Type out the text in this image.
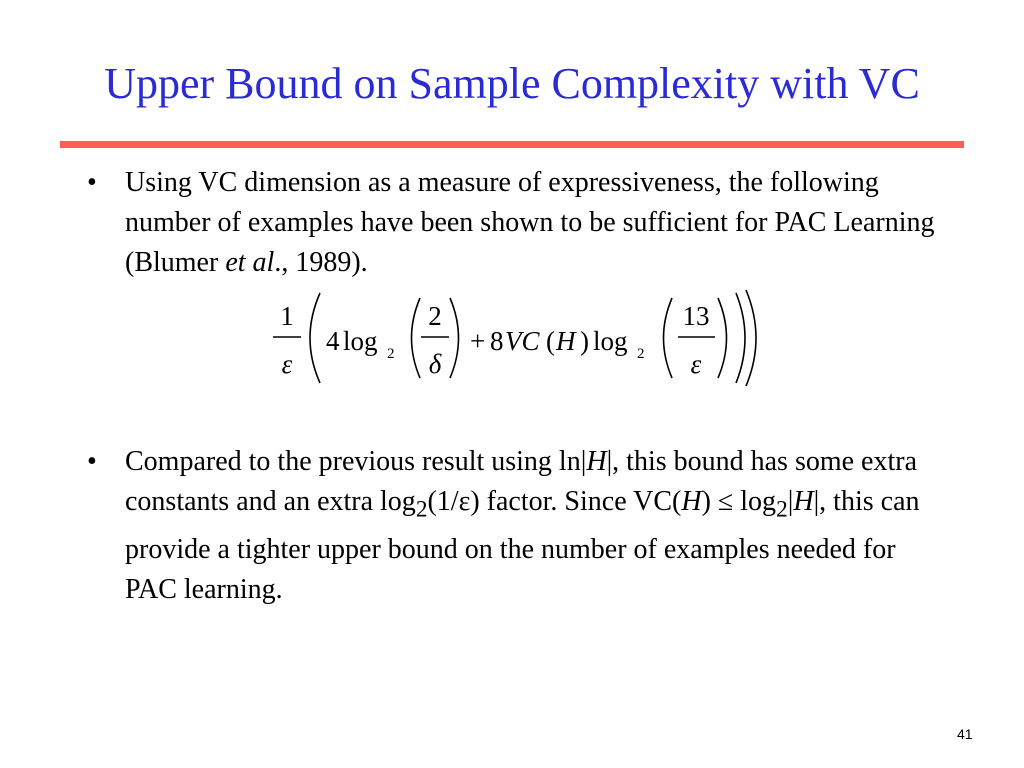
Upper Bound on Sample Complexity with VC
• Using VC dimension as a measure of expressiveness, the following number of examples have been shown to be sufficient for PAC Learning (Blumer et al., 1989).
1
ε
4 log 2
2
δ
+ 8 VC ( H ) log 2
13
ε
• Compared to the previous result using ln|H|, this bound has some extra constants and an extra $\log_2(1/\varepsilon)$ factor. Since $VC(H) \le \log_2|H|$, this can provide a tighter upper bound on the number of examples needed for PAC learning.
41
